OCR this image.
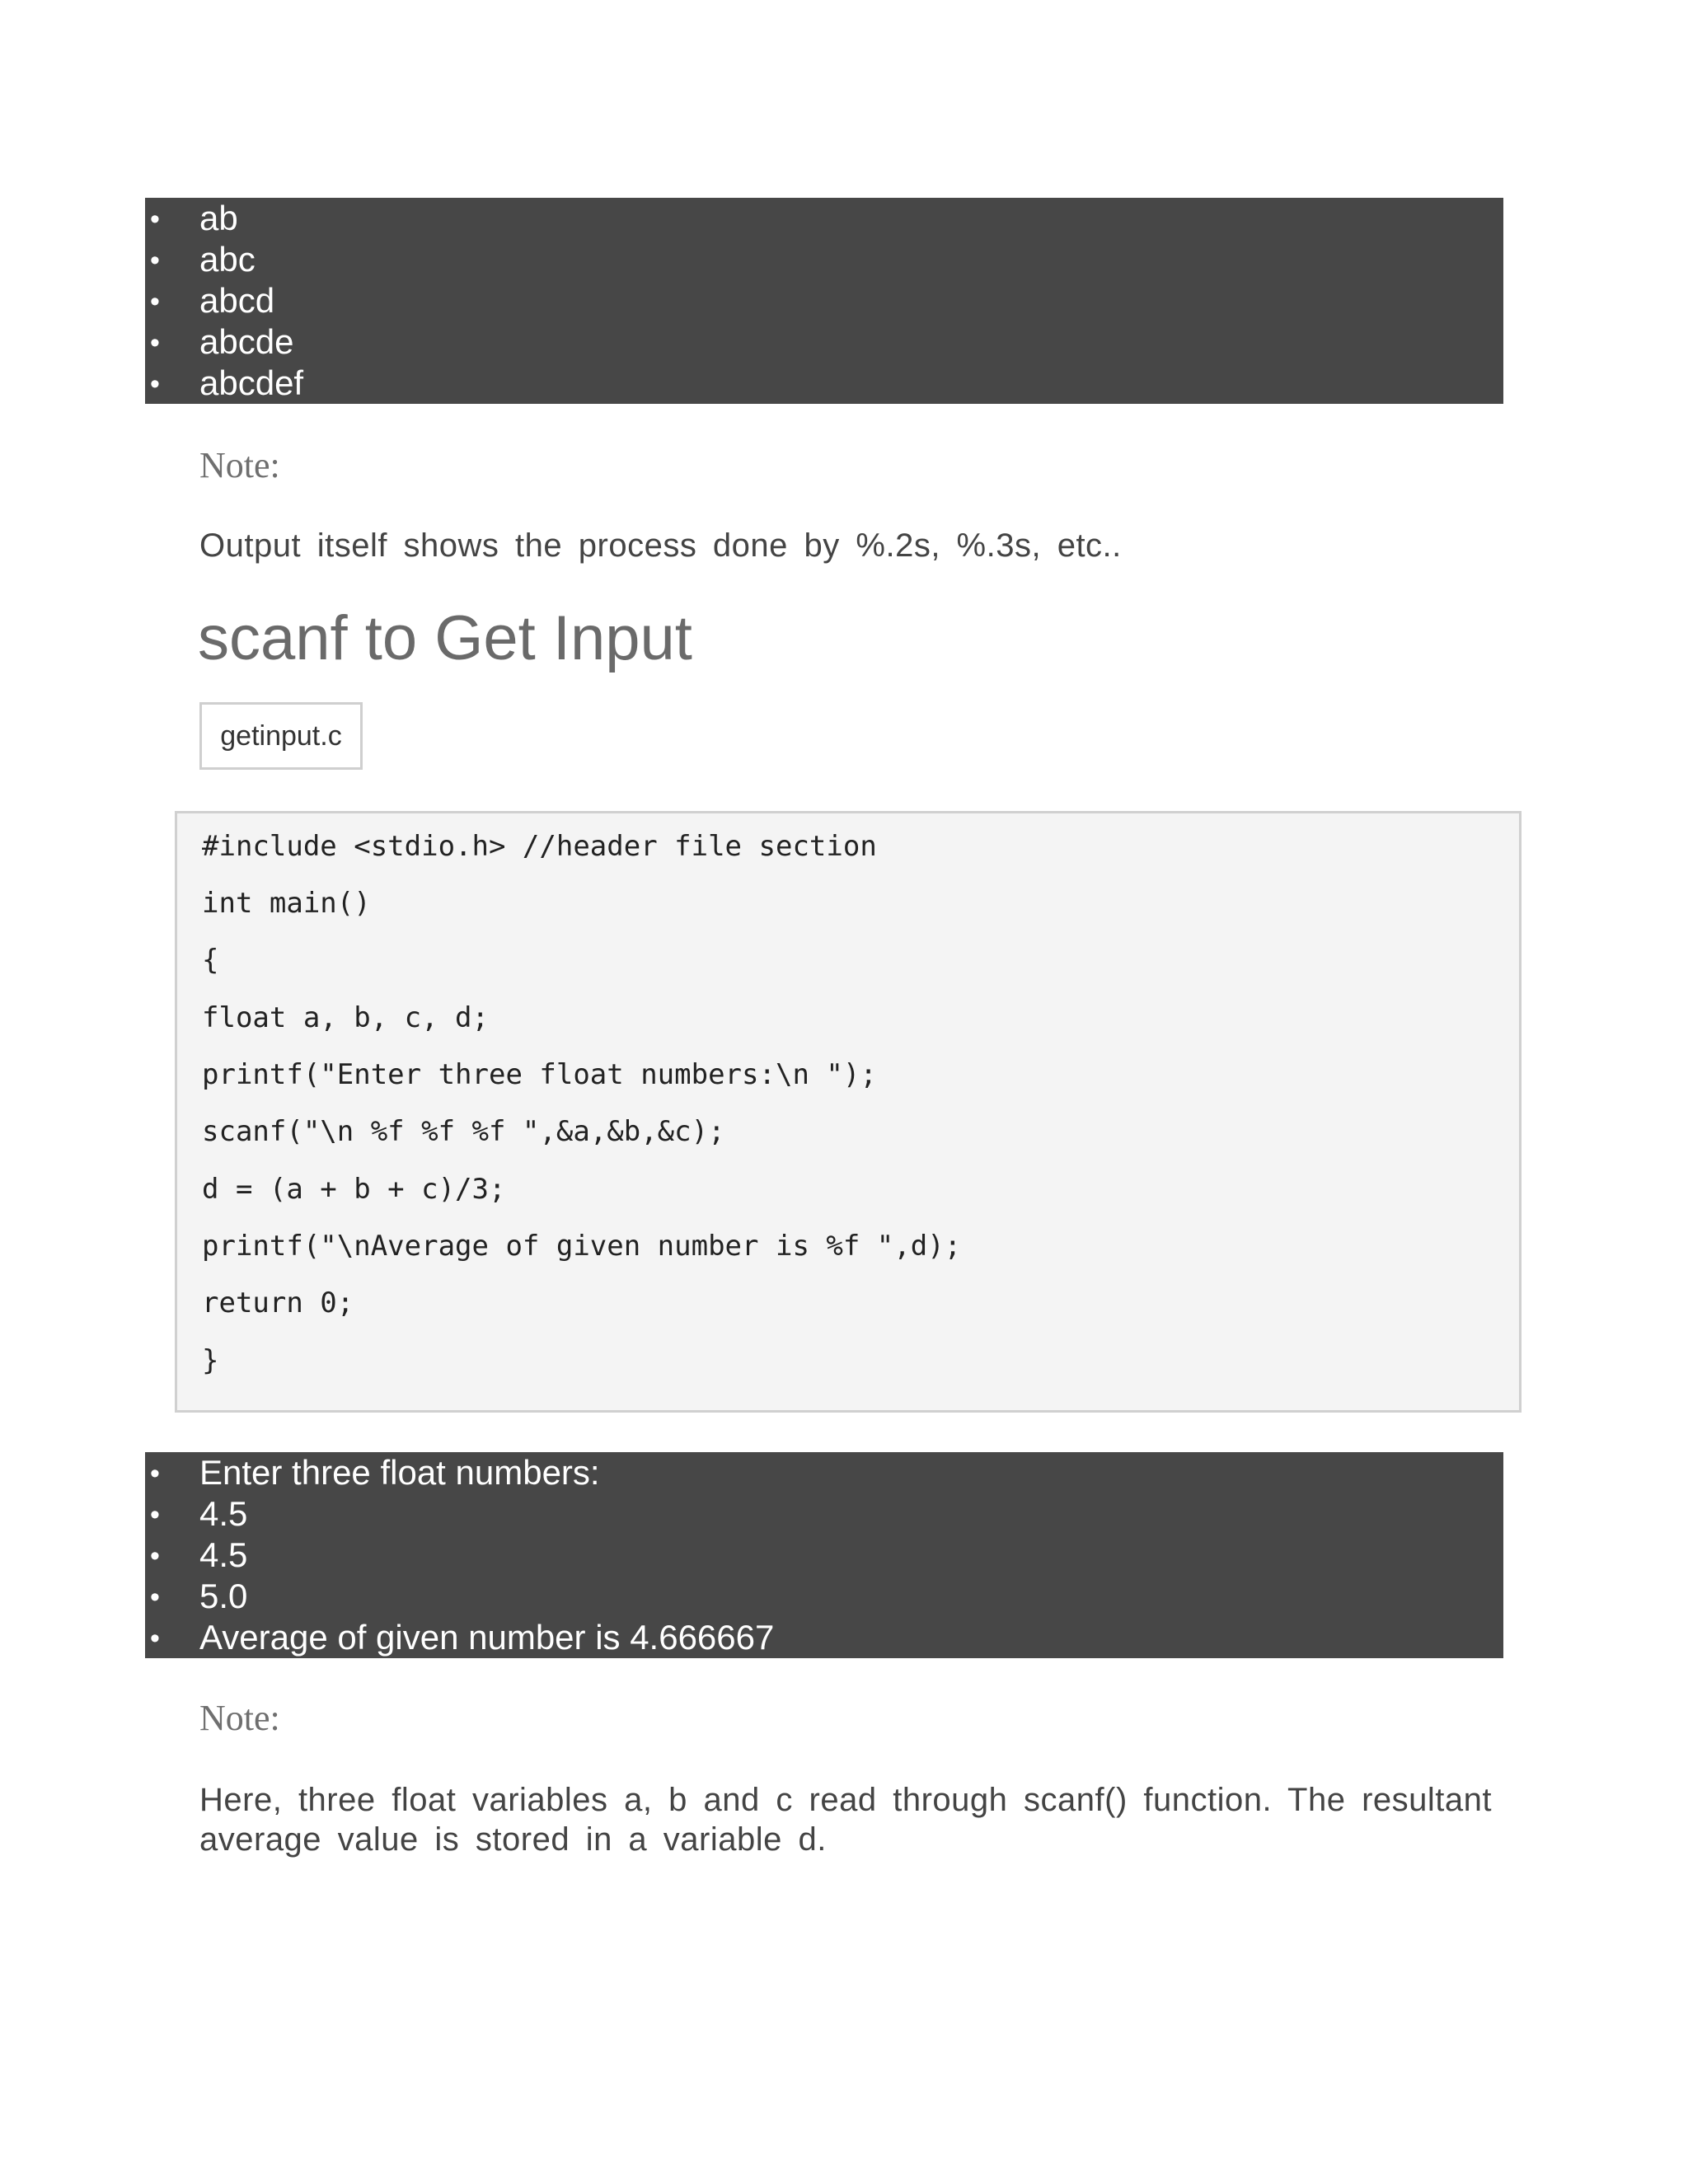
• ab
• abc
• abcd
• abcde
• abcdef
Note:

Output itself shows the process done by %.2s, %.3s, etc..

scanf to Get Input
getinput.c
#include <stdio.h> //header file section
int main()
{
float a, b, c, d;
printf("Enter three float numbers:\n ");
scanf("\n %f %f %f ",&a,&b,&c);
d = (a + b + c)/3;
printf("\nAverage of given number is %f ",d);
return 0;
}
• Enter three float numbers:
• 4.5
• 4.5
• 5.0
• Average of given number is 4.666667
Note:

Here, three float variables a, b and c read through scanf() function. The resultant average value is stored in a variable d.
